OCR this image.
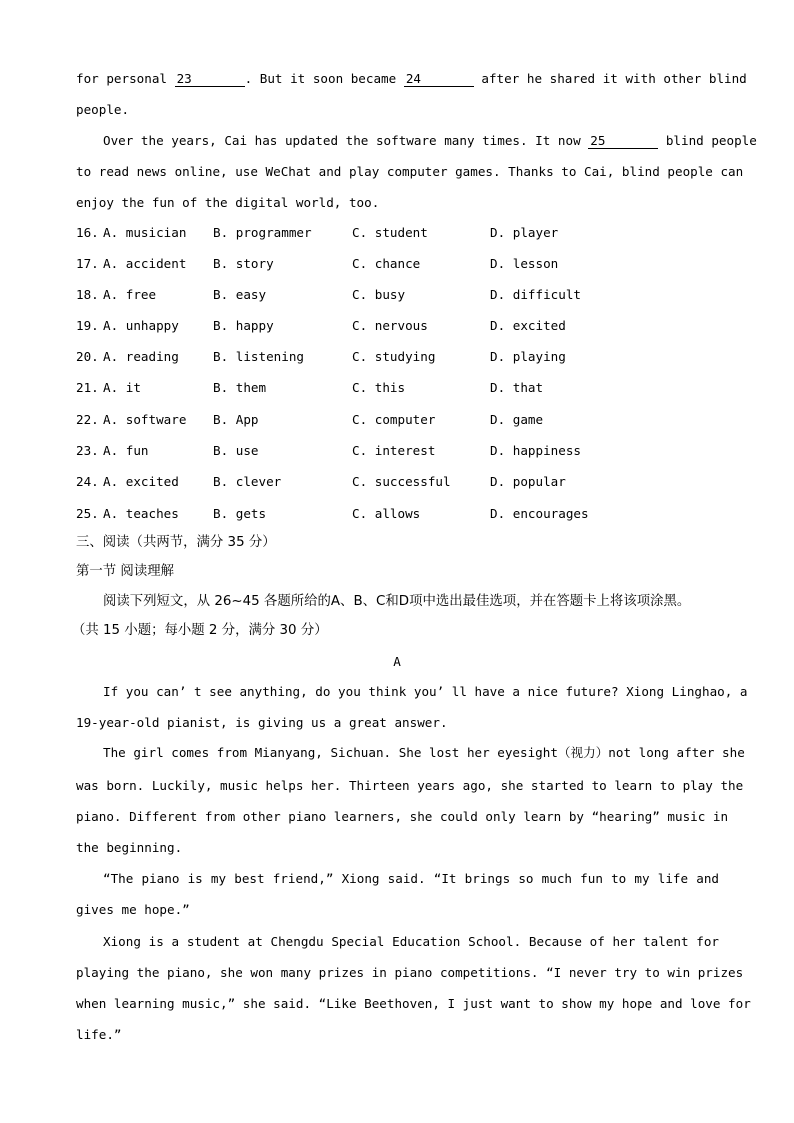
for personal 23	. But it soon became 24	after he shared it with other blind
people.
Over the years, Cai has updated the software many times. It now 25	blind people
to read news online, use WeChat and play computer games. Thanks to Cai, blind people can
enjoy the fun of the digital world, too.
16. A. musician B. programmer	C. student	D. player
17. A. accident B. story	C. chance	D. lesson
18. A. free	B. easy	C. busy	D. difficult
19. A. unhappy	B. happy	C. nervous	D. excited
20. A. reading	B. listening	C. studying	D. playing
21. A. it	B. them	C. this	D. that
22. A. software B. App	C. computer	D. game
23. A. fun	B. use	C. interest	D. happiness
24. A. excited	B. clever	C. successful	D. popular
25. A. teaches	B. gets	C. allows	D. encourages
三、阅读（共两节，满分 35 分）
第一节 阅读理解
阅读下列短文，从 26~45 各题所给的A、B、C和D项中选出最佳选项，并在答题卡上将该项涂黑。
（共 15 小题；每小题 2 分，满分 30 分）
A
If you can’ t see anything, do you think you’ ll have a nice future? Xiong Linghao, a
19-year-old pianist, is giving us a great answer.
The girl comes from Mianyang, Sichuan. She lost her eyesight（视力）not long after she
was born. Luckily, music helps her. Thirteen years ago, she started to learn to play the
piano. Different from other piano learners, she could only learn by “hearing” music in
the beginning.
“The piano is my best friend,” Xiong said. “It brings so much fun to my life and
gives me hope.”
Xiong is a student at Chengdu Special Education School. Because of her talent for
playing the piano, she won many prizes in piano competitions. “I never try to win prizes
when learning music,” she said. “Like Beethoven, I just want to show my hope and love for
life.”
